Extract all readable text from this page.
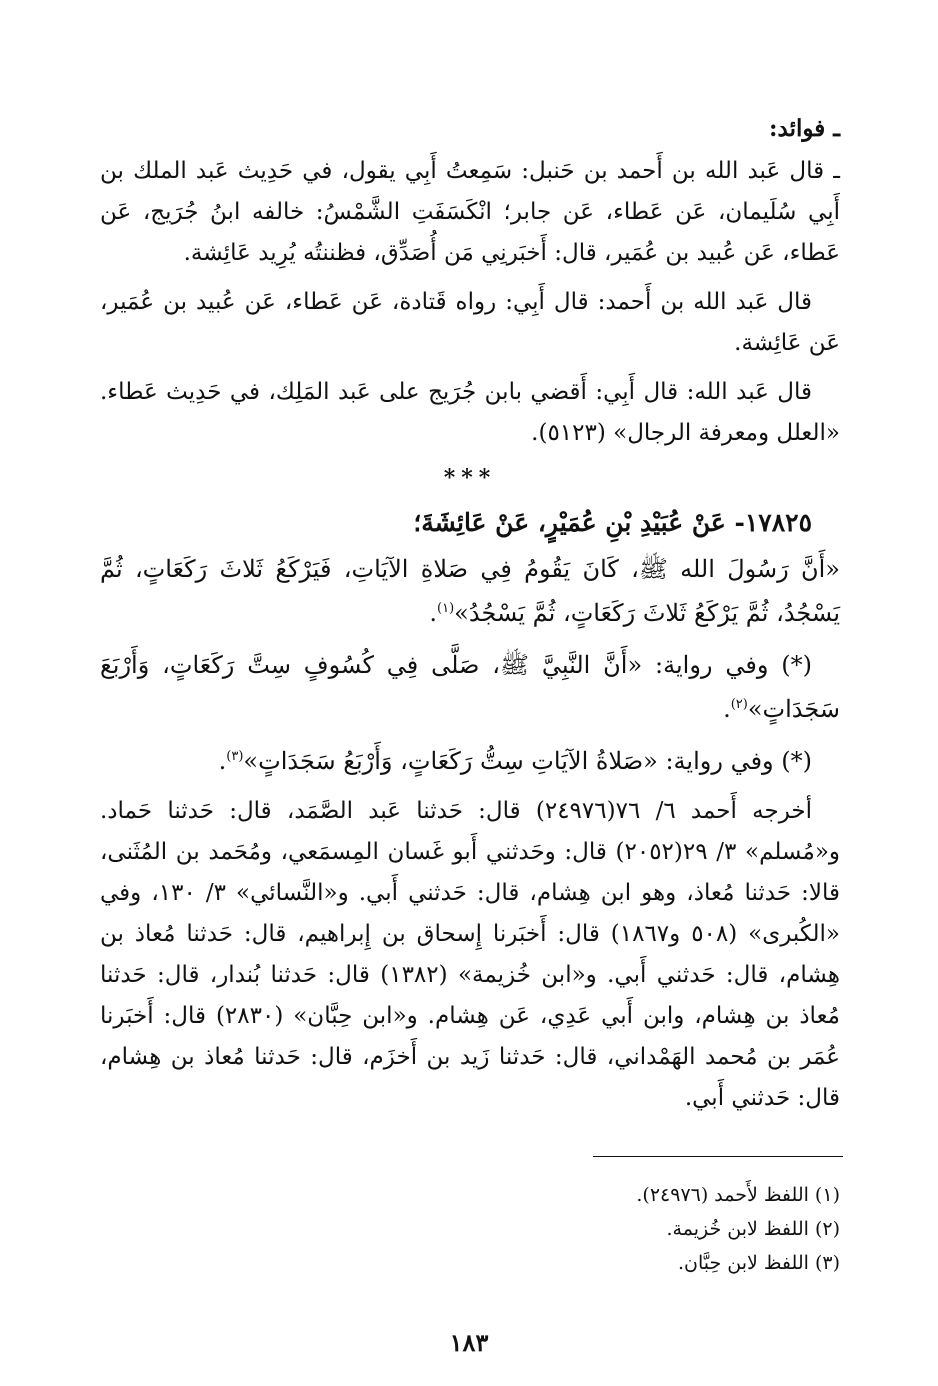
ـ فوائد:

ـ قال عَبد الله بن أَحمد بن حَنبل: سَمِعتُ أَبِي يقول، في حَدِيث عَبد الملك بن أَبِي سُلَيمان، عَن عَطاء، عَن جابر؛ انْكَسَفَتِ الشَّمْسُ: خالفه ابنُ جُرَيج، عَن عَطاء، عَن عُبيد بن عُمَير، قال: أَخبَرنِي مَن أُصَدِّق، فظننتُه يُرِيد عَائِشة.

قال عَبد الله بن أَحمد: قال أَبِي: رواه قَتادة، عَن عَطاء، عَن عُبيد بن عُمَير، عَن عَائِشة.

قال عَبد الله: قال أَبِي: أَقضي بابن جُرَيج على عَبد المَلِك، في حَدِيث عَطاء. «العلل ومعرفة الرجال» (٥١٢٣).

***
١٧٨٢٥- عَنْ عُبَيْدِ بْنِ عُمَيْرٍ، عَنْ عَائِشَةَ؛

«أَنَّ رَسُولَ الله ﷺ، كَانَ يَقُومُ فِي صَلاةِ الآيَاتِ، فَيَرْكَعُ ثَلاثَ رَكَعَاتٍ، ثُمَّ يَسْجُدُ، ثُمَّ يَرْكَعُ ثَلاثَ رَكَعَاتٍ، ثُمَّ يَسْجُدُ»$^{(١)}$.

(*) وفي رواية: «أَنَّ النَّبِيَّ ﷺ، صَلَّى فِي كُسُوفٍ سِتَّ رَكَعَاتٍ، وَأَرْبَعَ سَجَدَاتٍ»$^{(٢)}$.

(*) وفي رواية: «صَلاةُ الآيَاتِ سِتُّ رَكَعَاتٍ، وَأَرْبَعُ سَجَدَاتٍ»$^{(٣)}$.

أخرجه أَحمد ٦/ ٧٦(٢٤٩٧٦) قال: حَدثنا عَبد الصَّمَد، قال: حَدثنا حَماد. و«مُسلم» ٣/ ٢٩(٢٠٥٢) قال: وحَدثني أَبو غَسان المِسمَعي، ومُحَمد بن المُثَنى، قالا: حَدثنا مُعاذ، وهو ابن هِشام، قال: حَدثني أَبي. و«النَّسائي» ٣/ ١٣٠، وفي «الكُبرى» (٥٠٨ و١٨٦٧) قال: أَخبَرنا إِسحاق بن إِبراهيم، قال: حَدثنا مُعاذ بن هِشام، قال: حَدثني أَبي. و«ابن خُزيمة» (١٣٨٢) قال: حَدثنا بُندار، قال: حَدثنا مُعاذ بن هِشام، وابن أَبي عَدِي، عَن هِشام. و«ابن حِبَّان» (٢٨٣٠) قال: أَخبَرنا عُمَر بن مُحمد الهَمْداني، قال: حَدثنا زَيد بن أَخزَم، قال: حَدثنا مُعاذ بن هِشام، قال: حَدثني أَبي.

(١) اللفظ لأَحمد (٢٤٩٧٦).

(٢) اللفظ لابن خُزيمة.

(٣) اللفظ لابن حِبَّان.

١٨٣
